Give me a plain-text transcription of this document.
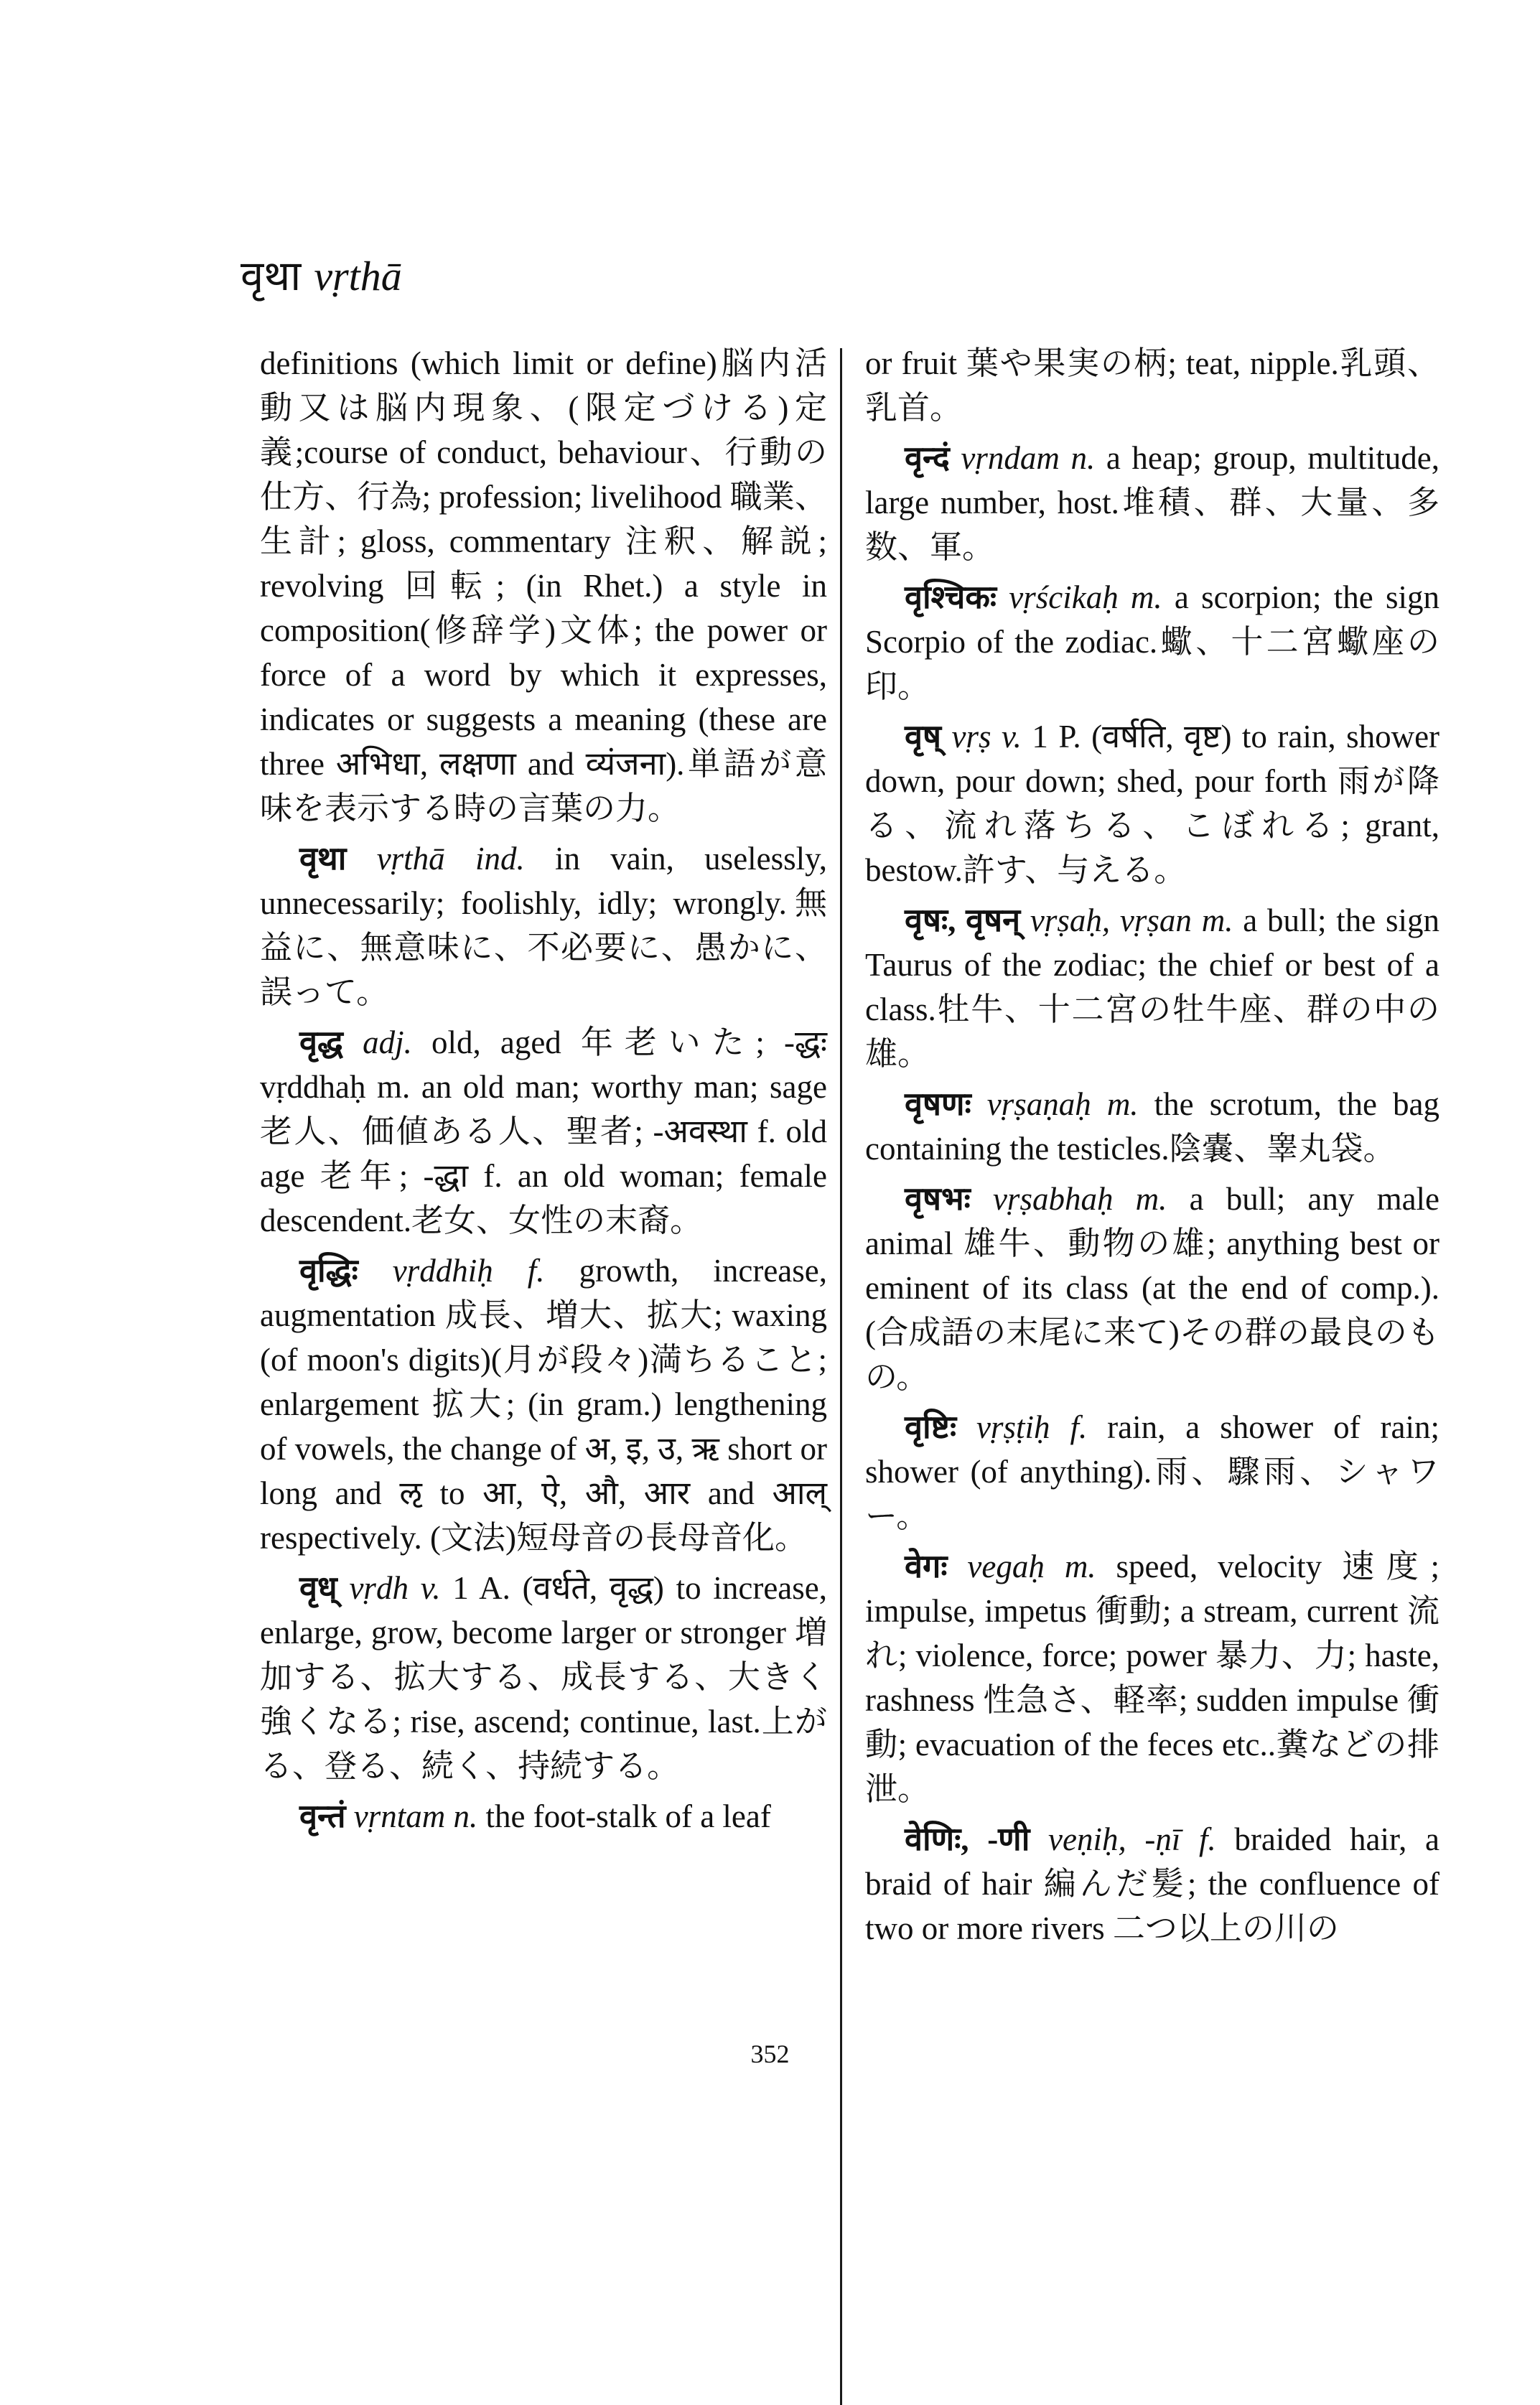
वृथा vṛthā

definitions (which limit or define)脳内活動又は脳内現象、(限定づける)定義;course of conduct, behaviour、行動の仕方、行為; profession; livelihood 職業、生計; gloss, commentary 注釈、解説; revolving 回転; (in Rhet.) a style in composition(修辞学)文体; the power or force of a word by which it expresses, indicates or suggests a meaning (these are three अभिधा, लक्षणा and व्यंजना).単語が意味を表示する時の言葉の力。

वृथा vṛthā ind. in vain, uselessly, unnecessarily; foolishly, idly; wrongly.無益に、無意味に、不必要に、愚かに、誤って。

वृद्ध adj. old, aged 年老いた; -द्धः vṛddhaḥ m. an old man; worthy man; sage 老人、価値ある人、聖者; -अवस्था f. old age 老年; -द्धा f. an old woman; female descendent.老女、女性の末裔。

वृद्धिः vṛddhiḥ f. growth, increase, augmentation 成長、増大、拡大; waxing (of moon's digits)(月が段々)満ちること; enlargement 拡大; (in gram.) lengthening of vowels, the change of अ, इ, उ, ऋ short or long and ऌ to आ, ऐ, औ, आर and आल् respectively. (文法)短母音の長母音化。

वृध् vṛdh v. 1 A. (वर्धते, वृद्ध) to increase, enlarge, grow, become larger or stronger 増加する、拡大する、成長する、大きく強くなる; rise, ascend; continue, last.上がる、登る、続く、持続する。

वृन्तं vṛntam n. the foot-stalk of a leaf

or fruit 葉や果実の柄; teat, nipple.乳頭、乳首。

वृन्दं vṛndam n. a heap; group, multitude, large number, host.堆積、群、大量、多数、軍。

वृश्चिकः vṛścikaḥ m. a scorpion; the sign Scorpio of the zodiac.蠍、十二宮蠍座の印。

वृष् vṛṣ v. 1 P. (वर्षति, वृष्ट) to rain, shower down, pour down; shed, pour forth 雨が降る、流れ落ちる、こぼれる; grant, bestow.許す、与える。

वृषः, वृषन् vṛṣaḥ, vṛṣan m. a bull; the sign Taurus of the zodiac; the chief or best of a class.牡牛、十二宮の牡牛座、群の中の雄。

वृषणः vṛṣaṇaḥ m. the scrotum, the bag containing the testicles.陰嚢、睾丸袋。

वृषभः vṛṣabhaḥ m. a bull; any male animal 雄牛、動物の雄; anything best or eminent of its class (at the end of comp.). (合成語の末尾に来て)その群の最良のもの。

वृष्टिः vṛṣṭiḥ f. rain, a shower of rain; shower (of anything).雨、驟雨、シャワー。

वेगः vegaḥ m. speed, velocity 速度; impulse, impetus 衝動; a stream, current 流れ; violence, force; power 暴力、力; haste, rashness 性急さ、軽率; sudden impulse 衝動; evacuation of the feces etc..糞などの排泄。

वेणिः, -णी veṇiḥ, -ṇī f. braided hair, a braid of hair 編んだ髪; the confluence of two or more rivers 二つ以上の川の

352
